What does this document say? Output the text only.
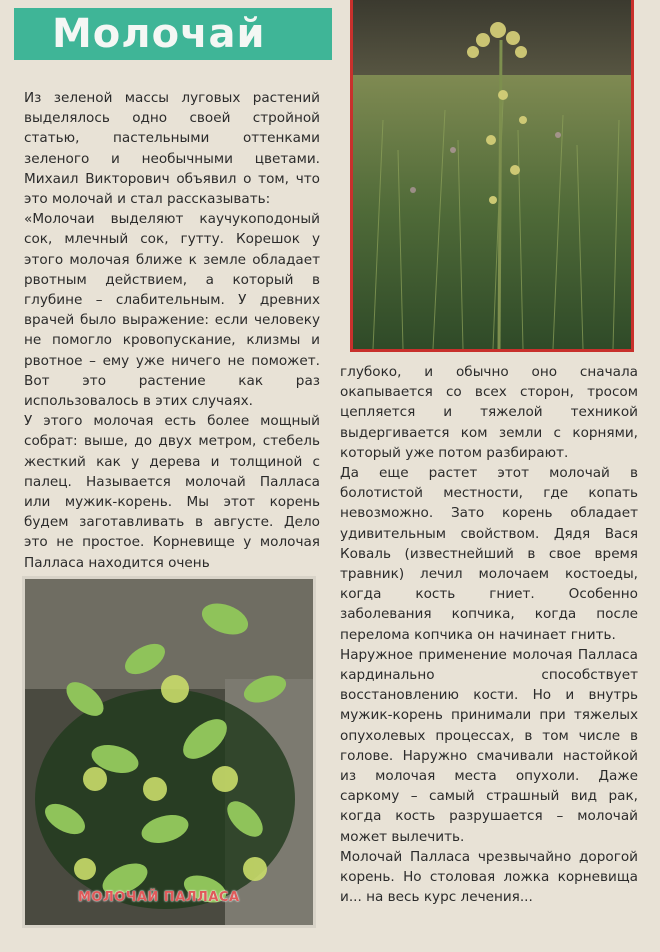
Молочай

Из зеленой массы луговых растений выделялось одно своей стройной статью, пастельными оттенками зеленого и необычными цветами. Михаил Викторович объявил о том, что это молочай и стал рассказывать:

«Молочаи выделяют каучукоподоный сок, млечный сок, гутту. Корешок у этого молочая ближе к земле обладает рвотным действием, а который в глубине – слабительным. У древних врачей было выражение: если человеку не помогло кровопускание, клизмы и рвотное – ему уже ничего не поможет. Вот это растение как раз использовалось в этих случаях.

У этого молочая есть более мощный собрат: выше, до двух метром, стебель жесткий как у дерева и толщиной с палец. Называется молочай Палласа или мужик-корень. Мы этот корень будем заготавливать в августе. Дело это не простое. Корневище у молочая Палласа находится очень

глубоко, и обычно оно сначала окапывается со всех сторон, тросом цепляется и тяжелой техникой выдергивается ком земли с корнями, который уже потом разбирают.

Да еще растет этот молочай в болотистой местности, где копать невозможно. Зато корень обладает удивительным свойством. Дядя Вася Коваль (известнейший в свое время травник) лечил молочаем костоеды, когда кость гниет. Особенно заболевания копчика, когда после перелома копчика он начинает гнить.

Наружное применение молочая Палласа кардинально способствует восстановлению кости. Но и внутрь мужик-корень принимали при тяжелых опухолевых процессах, в том числе в голове. Наружно смачивали настойкой из молочая места опухоли. Даже саркому – самый страшный вид рак, когда кость разрушается – молочай может вылечить.

Молочай Палласа чрезвычайно дорогой корень. Но столовая ложка корневища и... на весь курс лечения...

МОЛОЧАЙ ПАЛЛАСА
